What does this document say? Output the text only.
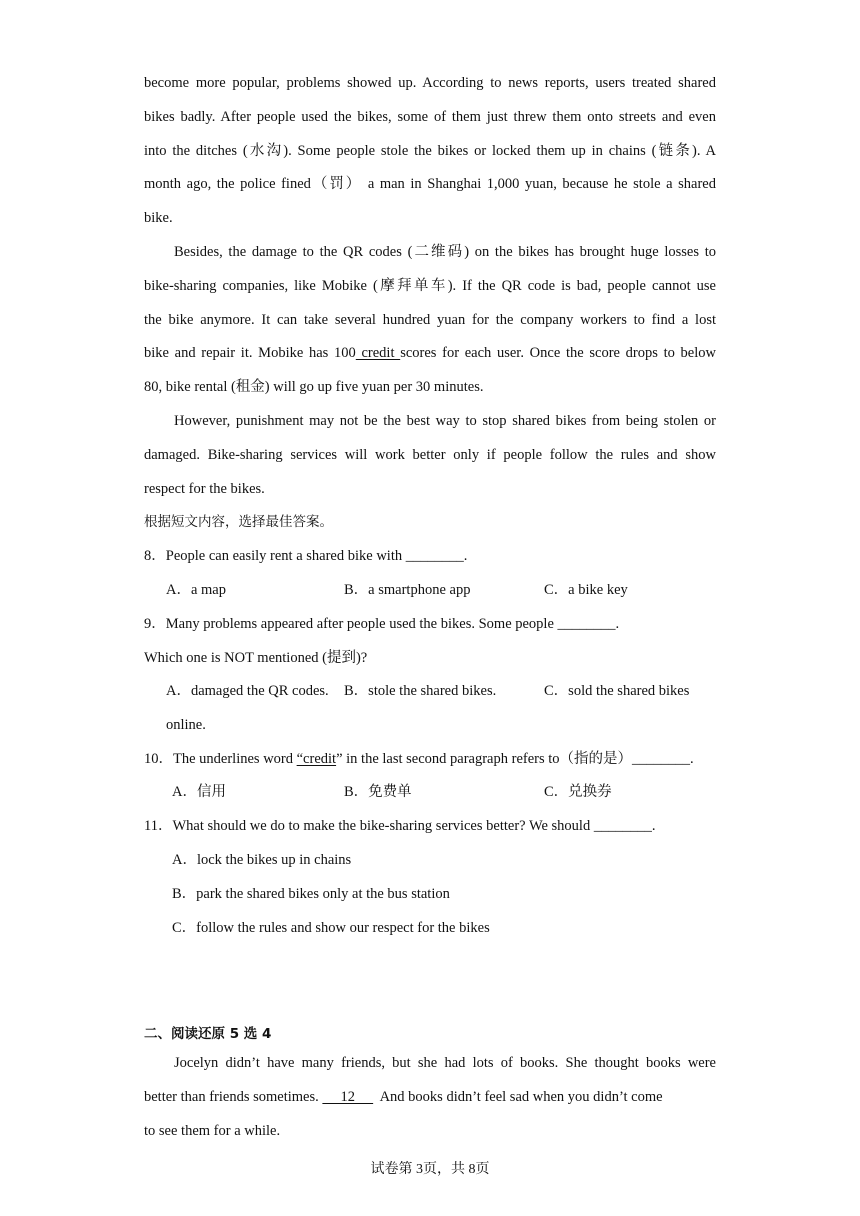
become more popular, problems showed up. According to news reports, users treated shared
bikes badly. After people used the bikes, some of them just threw them onto streets and even
into the ditches (水沟). Some people stole the bikes or locked them up in chains (链条). A
month ago, the police fined（罚） a man in Shanghai 1,000 yuan, because he stole a shared
bike.
Besides, the damage to the QR codes (二维码) on the bikes has brought huge losses to
bike-sharing companies, like Mobike (摩拜单车). If the QR code is bad, people cannot use
the bike anymore. It can take several hundred yuan for the company workers to find a lost
bike and repair it. Mobike has 100 credit scores for each user. Once the score drops to below
80, bike rental (租金) will go up five yuan per 30 minutes.
However, punishment may not be the best way to stop shared bikes from being stolen or
damaged. Bike-sharing services will work better only if people follow the rules and show
respect for the bikes.
根据短文内容，选择最佳答案。
8．People can easily rent a shared bike with ________.
A．a map	B．a smartphone app	C．a bike key
9．Many problems appeared after people used the bikes. Some people ________.
Which one is NOT mentioned (提到)?
A．damaged the QR codes. B．stole the shared bikes.	C．sold the shared bikes
online.
10．The underlines word “credit” in the last second paragraph refers to（指的是）________.
A．信用	B．免费单	C．兑换券
11．What should we do to make the bike-sharing services better? We should ________.
A．lock the bikes up in chains
B．park the shared bikes only at the bus station
C．follow the rules and show our respect for the bikes
二、阅读还原 5 选 4
Jocelyn didn’t have many friends, but she had lots of books. She thought books were
better than friends sometimes.      12       And books didn’t feel sad when you didn’t come
to see them for a while.
试卷第 3页，共 8页
